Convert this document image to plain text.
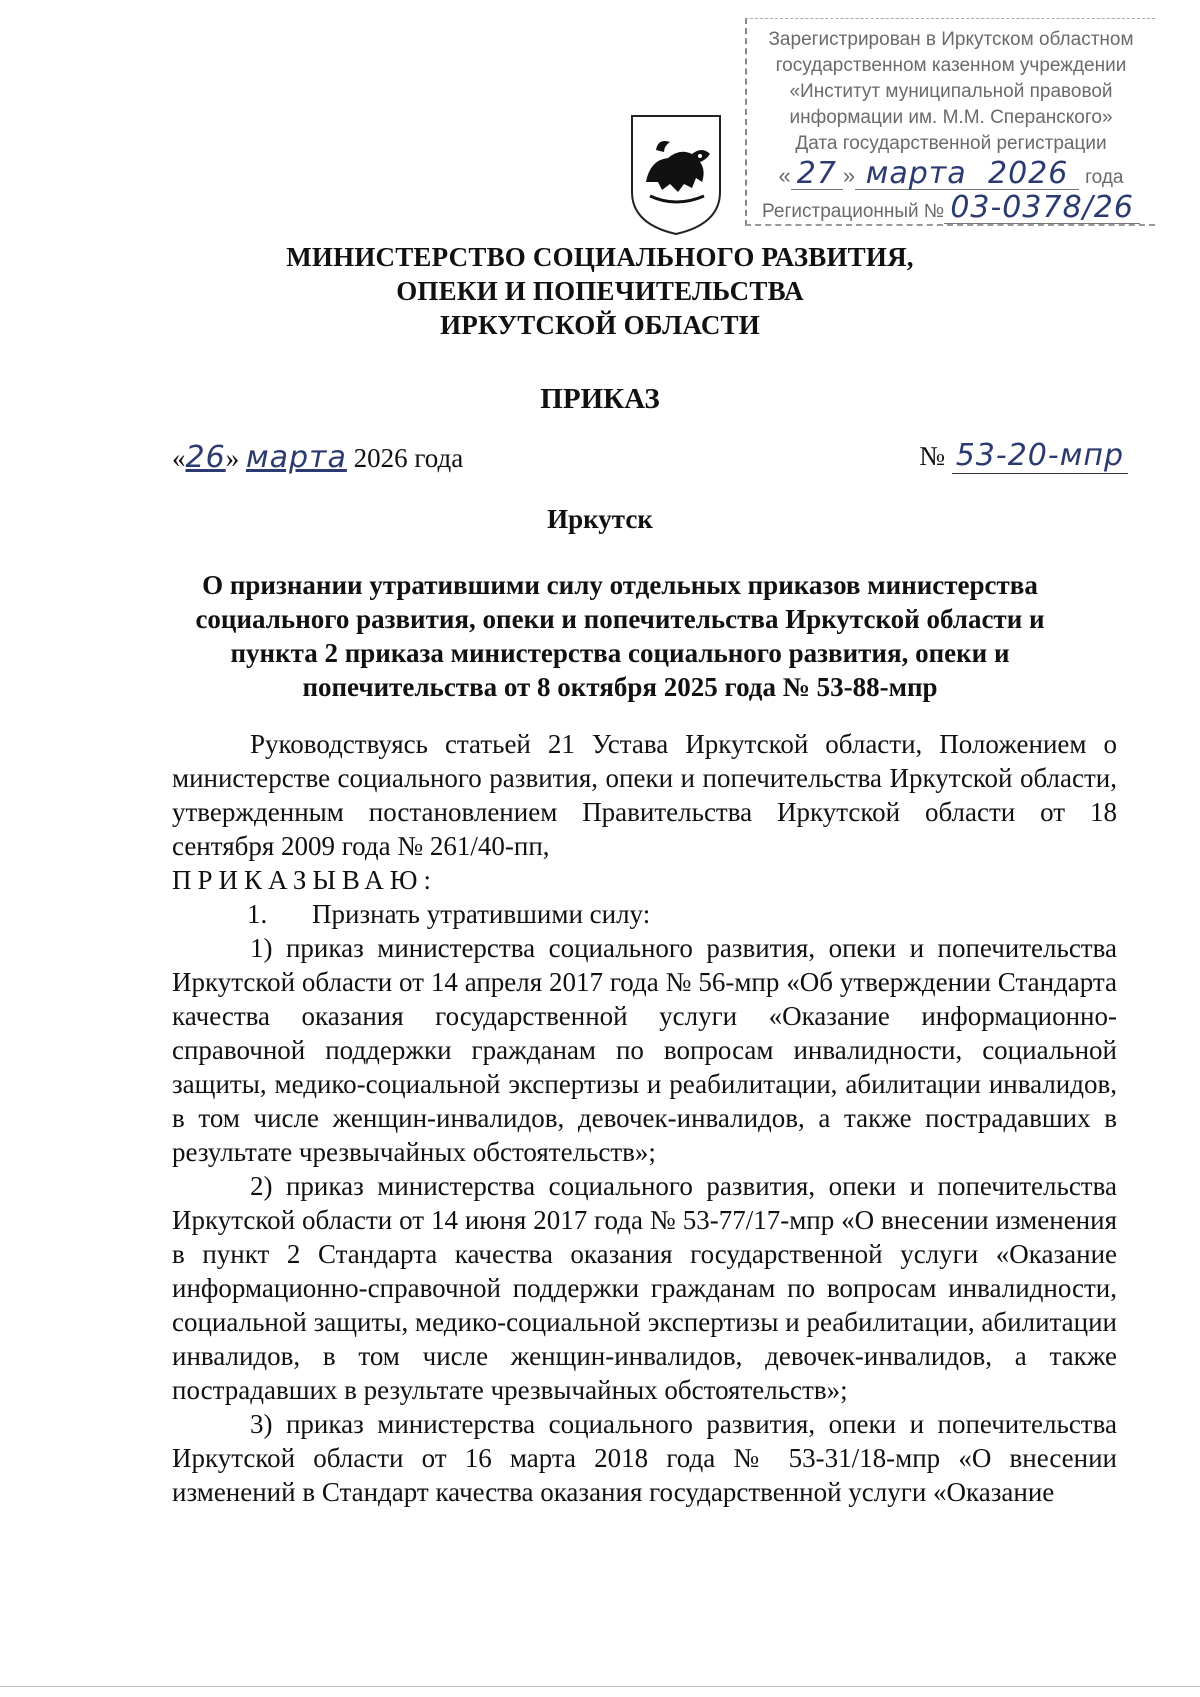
Зарегистрирован в Иркутском областном
государственном казенном учреждении
«Институт муниципальной правовой
информации им. М.М. Сперанского»
Дата государственной регистрации
« 27 » марта 2026 года
Регистрационный № 03-0378/26
МИНИСТЕРСТВО СОЦИАЛЬНОГО РАЗВИТИЯ,
ОПЕКИ И ПОПЕЧИТЕЛЬСТВА
ИРКУТСКОЙ ОБЛАСТИ
ПРИКАЗ
«26» марта 2026 года	№ 53-20-мпр
Иркутск
О признании утратившими силу отдельных приказов министерства
социального развития, опеки и попечительства Иркутской области и
пункта 2 приказа министерства социального развития, опеки и
попечительства от 8 октября 2025 года № 53-88-мпр

Руководствуясь статьей 21 Устава Иркутской области, Положением о министерстве социального развития, опеки и попечительства Иркутской области, утвержденным постановлением Правительства Иркутской области от 18 сентября 2009 года № 261/40-пп,

ПРИКАЗЫВАЮ:

1. Признать утратившими силу:

1) приказ министерства социального развития, опеки и попечительства Иркутской области от 14 апреля 2017 года № 56-мпр «Об утверждении Стандарта качества оказания государственной услуги «Оказание информационно-справочной поддержки гражданам по вопросам инвалидности, социальной защиты, медико-социальной экспертизы и реабилитации, абилитации инвалидов, в том числе женщин-инвалидов, девочек-инвалидов, а также пострадавших в результате чрезвычайных обстоятельств»;

2) приказ министерства социального развития, опеки и попечительства Иркутской области от 14 июня 2017 года № 53-77/17-мпр «О внесении изменения в пункт 2 Стандарта качества оказания государственной услуги «Оказание информационно-справочной поддержки гражданам по вопросам инвалидности, социальной защиты, медико-социальной экспертизы и реабилитации, абилитации инвалидов, в том числе женщин-инвалидов, девочек-инвалидов, а также пострадавших в результате чрезвычайных обстоятельств»;

3) приказ министерства социального развития, опеки и попечительства Иркутской области от 16 марта 2018 года № 53-31/18-мпр «О внесении изменений в Стандарт качества оказания государственной услуги «Оказание
